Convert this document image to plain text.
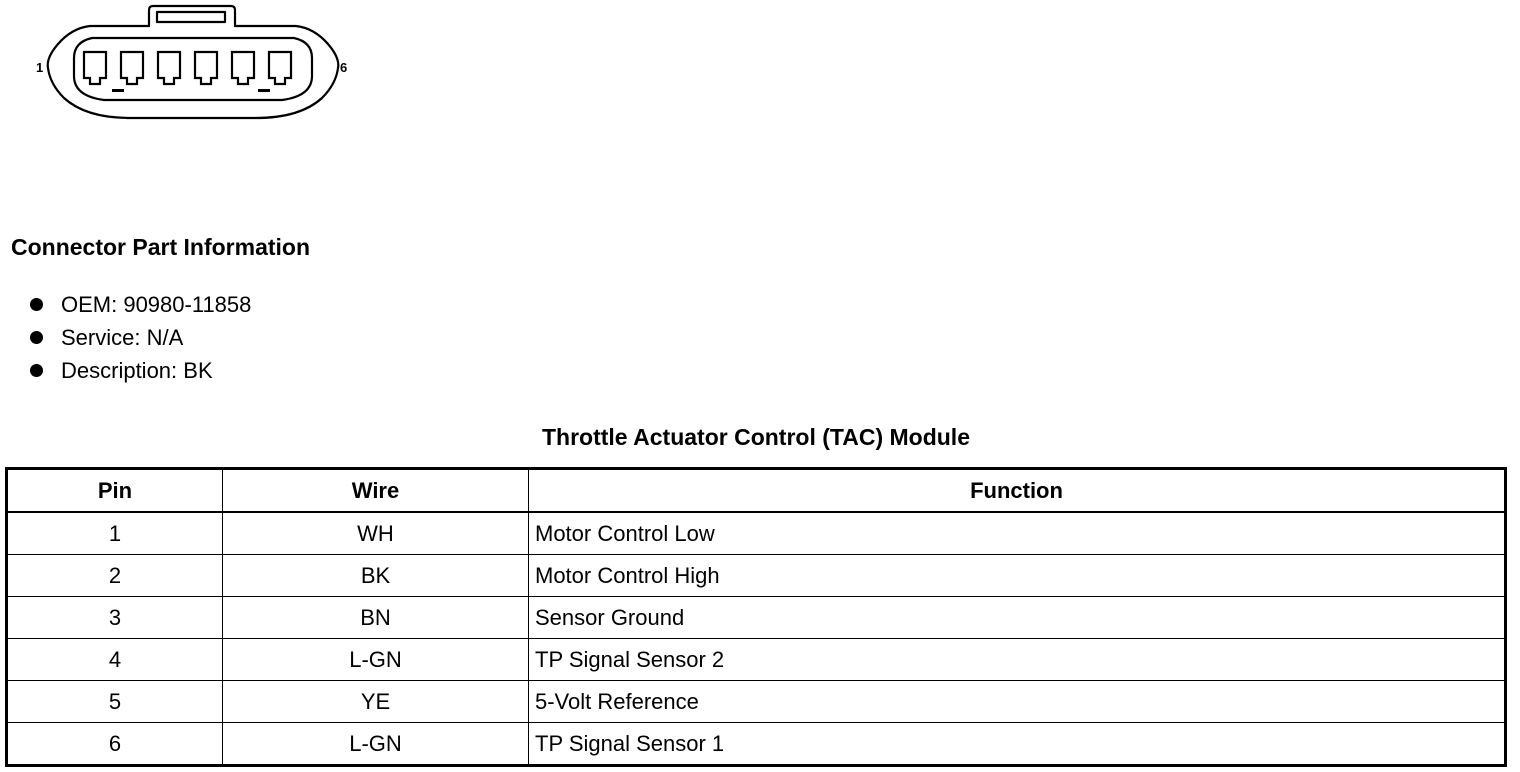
1	6
Connector Part Information
OEM: 90980-11858
Service: N/A
Description: BK
Throttle Actuator Control (TAC) Module
Pin	Wire	Function
1	WH	Motor Control Low
2	BK	Motor Control High
3	BN	Sensor Ground
4	L-GN	TP Signal Sensor 2
5	YE	5-Volt Reference
6	L-GN	TP Signal Sensor 1
